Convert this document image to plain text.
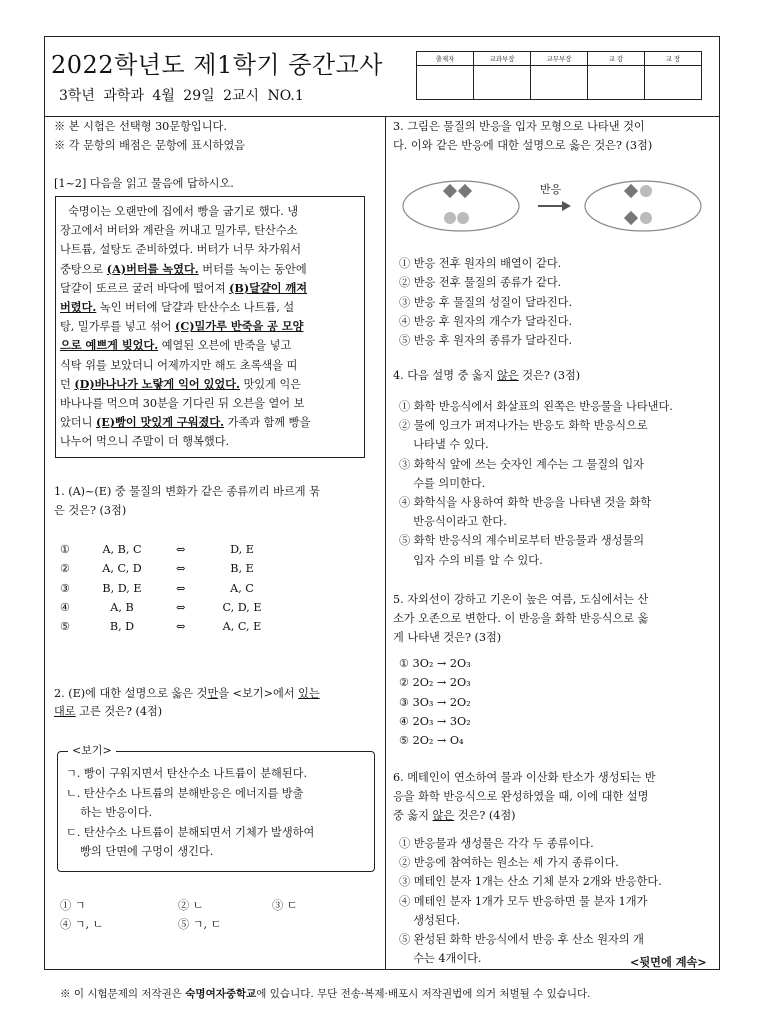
2022학년도 제1학기 중간고사
3학년 과학과 4월 29일 2교시 NO.1
출제자	교과부장	교무부장	교 감	교 장

※ 본 시험은 선택형 30문항입니다.
※ 각 문항의 배점은 문항에 표시하였음
[1~2] 다음을 읽고 물음에 답하시오.
숙명이는 오랜만에 집에서 빵을 굽기로 했다. 냉
장고에서 버터와 계란을 꺼내고 밀가루, 탄산수소
나트륨, 설탕도 준비하였다. 버터가 너무 차가워서
중탕으로 (A)버터를 녹였다. 버터를 녹이는 동안에
달걀이 또르르 굴러 바닥에 떨어져 (B)달걀이 깨져
버렸다. 녹인 버터에 달걀과 탄산수소 나트륨, 설
탕, 밀가루를 넣고 섞어 (C)밀가루 반죽을 공 모양
으로 예쁘게 빚었다. 예열된 오븐에 반죽을 넣고
식탁 위를 보았더니 어제까지만 해도 초록색을 띠
던 (D)바나나가 노랗게 익어 있었다. 맛있게 익은
바나나를 먹으며 30분을 기다린 뒤 오븐을 열어 보
았더니 (E)빵이 맛있게 구워졌다. 가족과 함께 빵을
나누어 먹으니 주말이 더 행복했다.
1. (A)~(E) 중 물질의 변화가 같은 종류끼리 바르게 묶
은 것은? (3점)
①	A, B, C	⇔	D, E
②	A, C, D	⇔	B, E
③	B, D, E	⇔	A, C
④	A, B	⇔	C, D, E
⑤	B, D	⇔	A, C, E
2. (E)에 대한 설명으로 옳은 것만을 <보기>에서 있는
대로 고른 것은? (4점)
<보기>
ㄱ. 빵이 구워지면서 탄산수소 나트륨이 분해된다.
ㄴ. 탄산수소 나트륨의 분해반응은 에너지를 방출
하는 반응이다.
ㄷ. 탄산수소 나트륨이 분해되면서 기체가 발생하여
빵의 단면에 구멍이 생긴다.
① ㄱ	② ㄴ	③ ㄷ
④ ㄱ, ㄴ	⑤ ㄱ, ㄷ
3. 그림은 물질의 반응을 입자 모형으로 나타낸 것이
다. 이와 같은 반응에 대한 설명으로 옳은 것은? (3점)
반응
① 반응 전후 원자의 배열이 같다.
② 반응 전후 물질의 종류가 같다.
③ 반응 후 물질의 성질이 달라진다.
④ 반응 후 원자의 개수가 달라진다.
⑤ 반응 후 원자의 종류가 달라진다.
4. 다음 설명 중 옳지 않은 것은? (3점)
① 화학 반응식에서 화살표의 왼쪽은 반응물을 나타낸다.
② 물에 잉크가 퍼져나가는 반응도 화학 반응식으로
나타낼 수 있다.
③ 화학식 앞에 쓰는 숫자인 계수는 그 물질의 입자
수를 의미한다.
④ 화학식을 사용하여 화학 반응을 나타낸 것을 화학
반응식이라고 한다.
⑤ 화학 반응식의 계수비로부터 반응물과 생성물의
입자 수의 비를 알 수 있다.
5. 자외선이 강하고 기온이 높은 여름, 도심에서는 산
소가 오존으로 변한다. 이 반응을 화학 반응식으로 옳
게 나타낸 것은? (3점)
① 3O₂ → 2O₃
② 2O₂ → 2O₃
③ 3O₃ → 2O₂
④ 2O₃ → 3O₂
⑤ 2O₂ → O₄
6. 메테인이 연소하여 물과 이산화 탄소가 생성되는 반
응을 화학 반응식으로 완성하였을 때, 이에 대한 설명
중 옳지 않은 것은? (4점)
① 반응물과 생성물은 각각 두 종류이다.
② 반응에 참여하는 원소는 세 가지 종류이다.
③ 메테인 분자 1개는 산소 기체 분자 2개와 반응한다.
④ 메테인 분자 1개가 모두 반응하면 물 분자 1개가
생성된다.
⑤ 완성된 화학 반응식에서 반응 후 산소 원자의 개
수는 4개이다.	<뒷면에 계속>
※ 이 시험문제의 저작권은 숙명여자중학교에 있습니다. 무단 전송·복제·배포시 저작권법에 의거 처벌될 수 있습니다.
